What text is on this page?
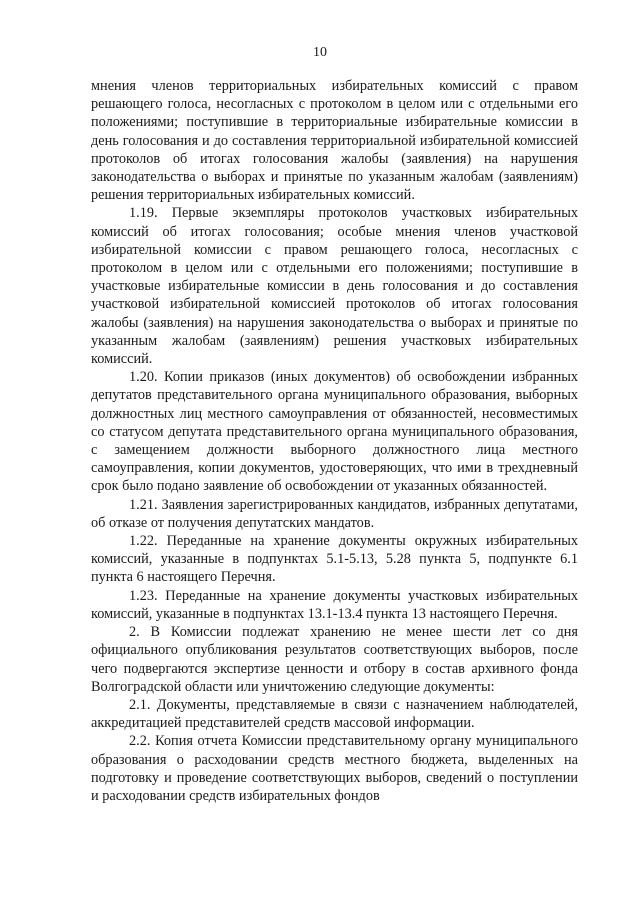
10

мнения членов территориальных избирательных комиссий с правом решающего голоса, несогласных с протоколом в целом или с отдельными его положениями; поступившие в территориальные избирательные комиссии в день голосования и до составления территориальной избирательной комиссией протоколов об итогах голосования жалобы (заявления) на нарушения законодательства о выборах и принятые по указанным жалобам (заявлениям) решения территориальных избирательных комиссий.

1.19. Первые экземпляры протоколов участковых избирательных комиссий об итогах голосования; особые мнения членов участковой избирательной комиссии с правом решающего голоса, несогласных с протоколом в целом или с отдельными его положениями; поступившие в участковые избирательные комиссии в день голосования и до составления участковой избирательной комиссией протоколов об итогах голосования жалобы (заявления) на нарушения законодательства о выборах и принятые по указанным жалобам (заявлениям) решения участковых избирательных комиссий.

1.20. Копии приказов (иных документов) об освобождении избранных депутатов представительного органа муниципального образования, выборных должностных лиц местного самоуправления от обязанностей, несовместимых со статусом депутата представительного органа муниципального образования, с замещением должности выборного должностного лица местного самоуправления, копии документов, удостоверяющих, что ими в трехдневный срок было подано заявление об освобождении от указанных обязанностей.

1.21. Заявления зарегистрированных кандидатов, избранных депутатами, об отказе от получения депутатских мандатов.

1.22. Переданные на хранение документы окружных избирательных комиссий, указанные в подпунктах 5.1-5.13, 5.28 пункта 5, подпункте 6.1 пункта 6 настоящего Перечня.

1.23. Переданные на хранение документы участковых избирательных комиссий, указанные в подпунктах 13.1-13.4 пункта 13 настоящего Перечня.

2. В Комиссии подлежат хранению не менее шести лет со дня официального опубликования результатов соответствующих выборов, после чего подвергаются экспертизе ценности и отбору в состав архивного фонда Волгоградской области или уничтожению следующие документы:

2.1. Документы, представляемые в связи с назначением наблюдателей, аккредитацией представителей средств массовой информации.

2.2. Копия отчета Комиссии представительному органу муниципального образования о расходовании средств местного бюджета, выделенных на подготовку и проведение соответствующих выборов, сведений о поступлении и расходовании средств избирательных фондов
